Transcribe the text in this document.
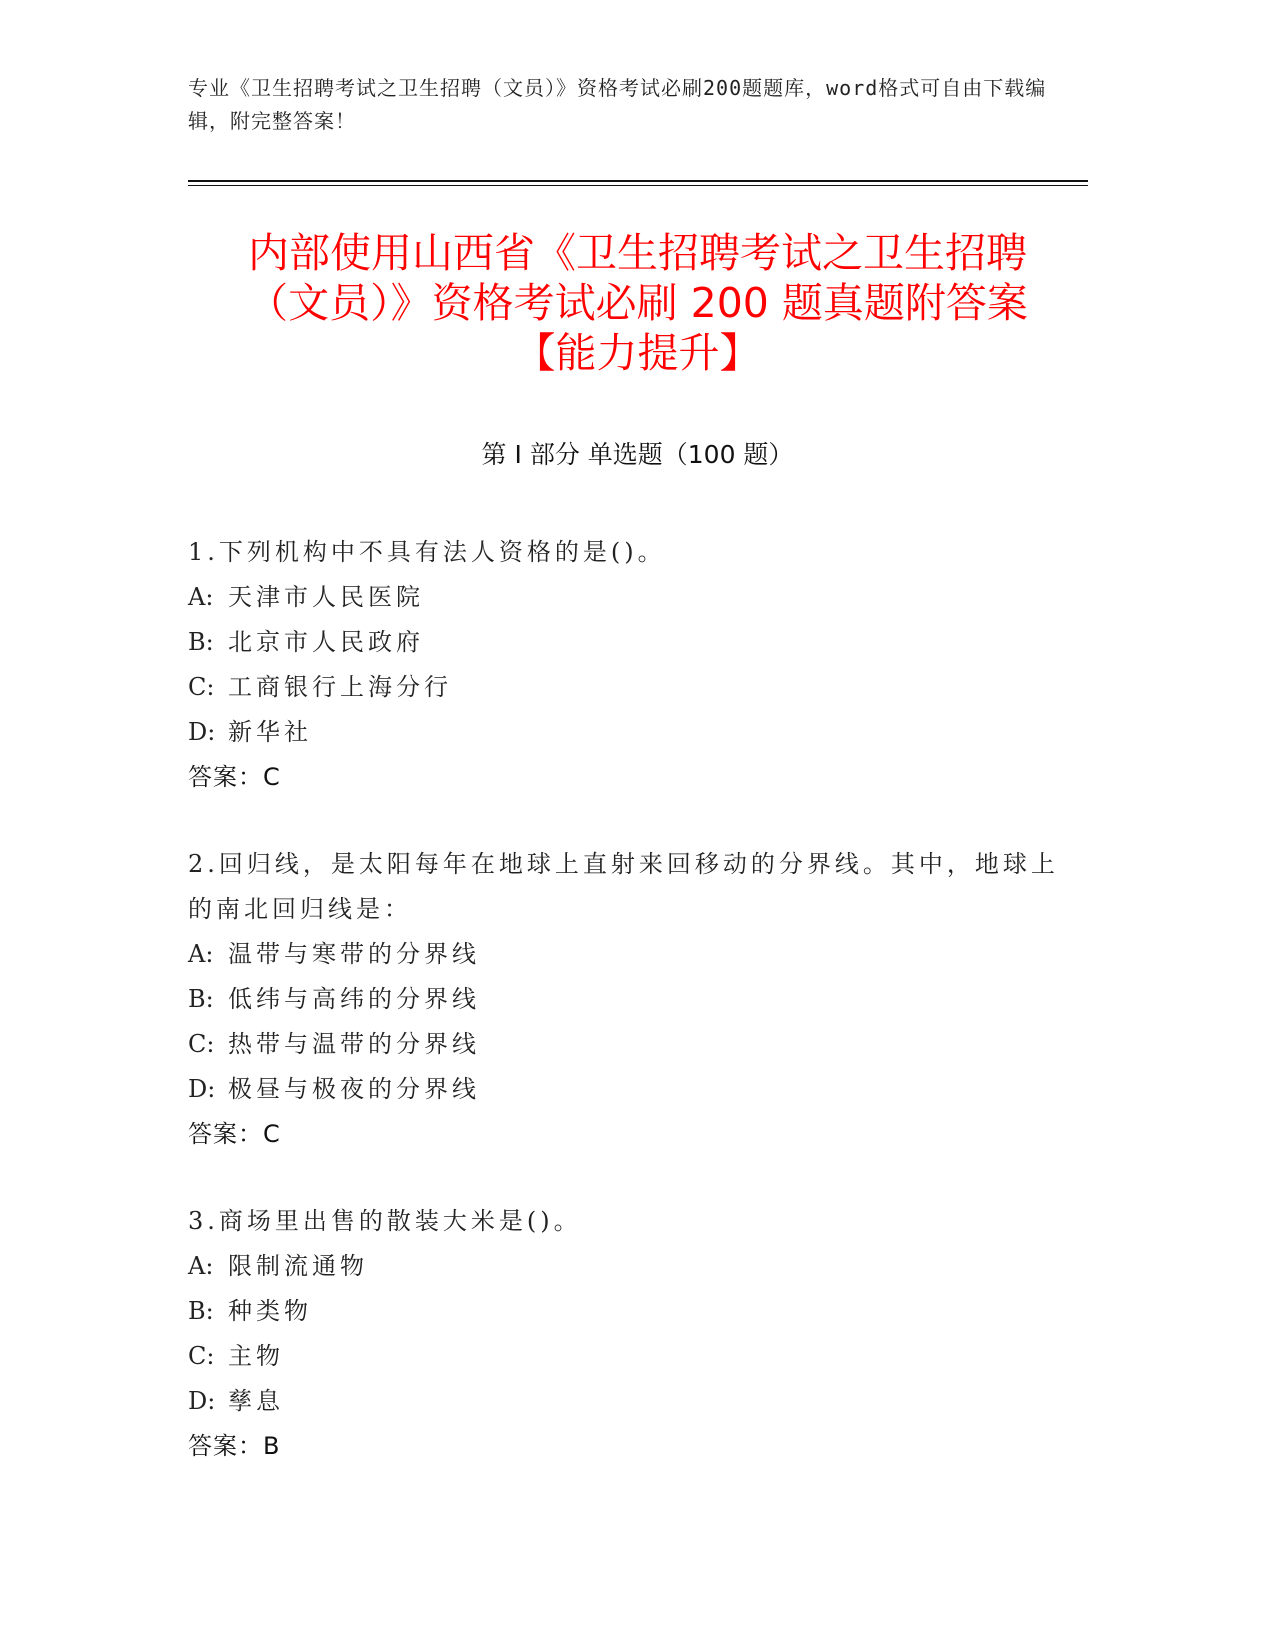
专业《卫生招聘考试之卫生招聘（文员）》资格考试必刷200题题库，word格式可自由下载编辑，附完整答案！
内部使用山西省《卫生招聘考试之卫生招聘
（文员）》资格考试必刷 200 题真题附答案
【能力提升】
第 I 部分 单选题（100 题）
1.下列机构中不具有法人资格的是()。
A: 天津市人民医院
B: 北京市人民政府
C: 工商银行上海分行
D: 新华社
答案：C
2.回归线，是太阳每年在地球上直射来回移动的分界线。其中，地球上的南北回归线是：
A: 温带与寒带的分界线
B: 低纬与高纬的分界线
C: 热带与温带的分界线
D: 极昼与极夜的分界线
答案：C
3.商场里出售的散装大米是()。
A: 限制流通物
B: 种类物
C: 主物
D: 孳息
答案：B
